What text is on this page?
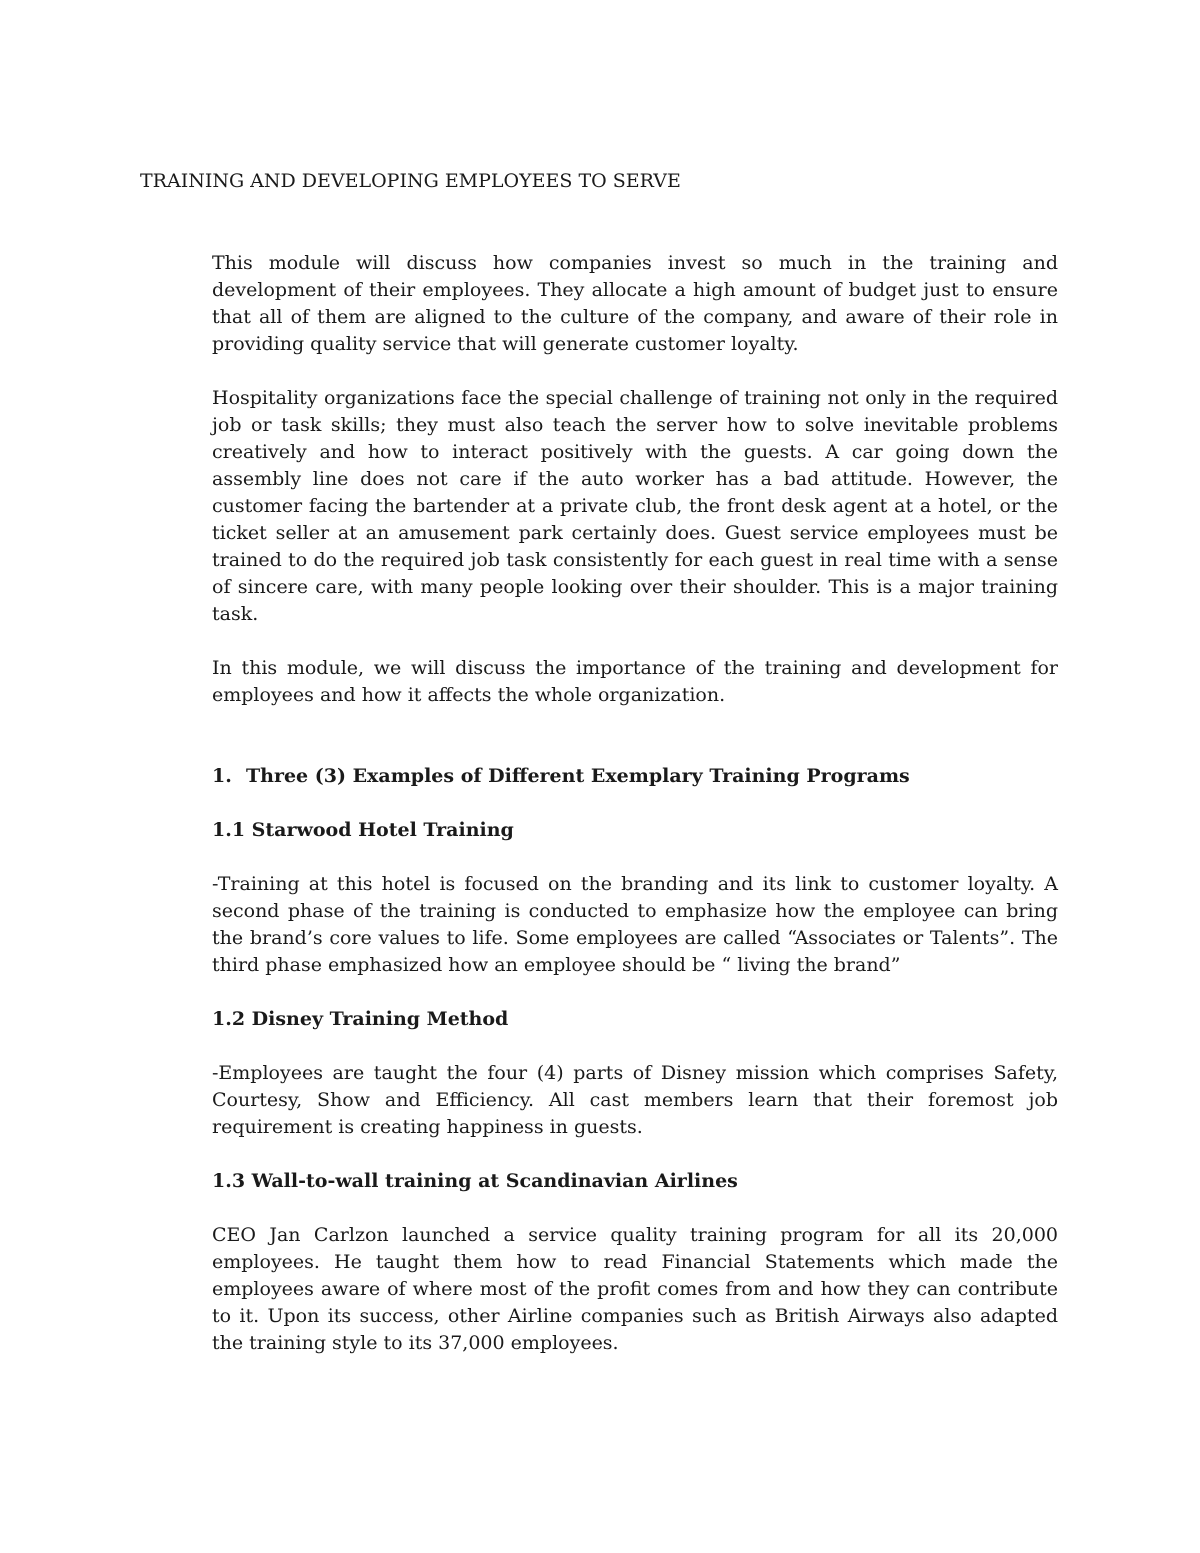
TRAINING AND DEVELOPING EMPLOYEES TO SERVE

This module will discuss how companies invest so much in the training and development of their employees. They allocate a high amount of budget just to ensure that all of them are aligned to the culture of the company, and aware of their role in providing quality service that will generate customer loyalty.

Hospitality organizations face the special challenge of training not only in the required job or task skills; they must also teach the server how to solve inevitable problems creatively and how to interact positively with the guests. A car going down the assembly line does not care if the auto worker has a bad attitude. However, the customer facing the bartender at a private club, the front desk agent at a hotel, or the ticket seller at an amusement park certainly does. Guest service employees must be trained to do the required job task consistently for each guest in real time with a sense of sincere care, with many people looking over their shoulder. This is a major training task.

In this module, we will discuss the importance of the training and development for employees and how it affects the whole organization.

1. Three (3) Examples of Different Exemplary Training Programs
1.1 Starwood Hotel Training

-Training at this hotel is focused on the branding and its link to customer loyalty. A second phase of the training is conducted to emphasize how the employee can bring the brand’s core values to life. Some employees are called “Associates or Talents”. The third phase emphasized how an employee should be “ living the brand”

1.2 Disney Training Method

-Employees are taught the four (4) parts of Disney mission which comprises Safety, Courtesy, Show and Efficiency. All cast members learn that their foremost job requirement is creating happiness in guests.

1.3 Wall-to-wall training at Scandinavian Airlines

CEO Jan Carlzon launched a service quality training program for all its 20,000 employees. He taught them how to read Financial Statements which made the employees aware of where most of the profit comes from and how they can contribute to it. Upon its success, other Airline companies such as British Airways also adapted the training style to its 37,000 employees.
